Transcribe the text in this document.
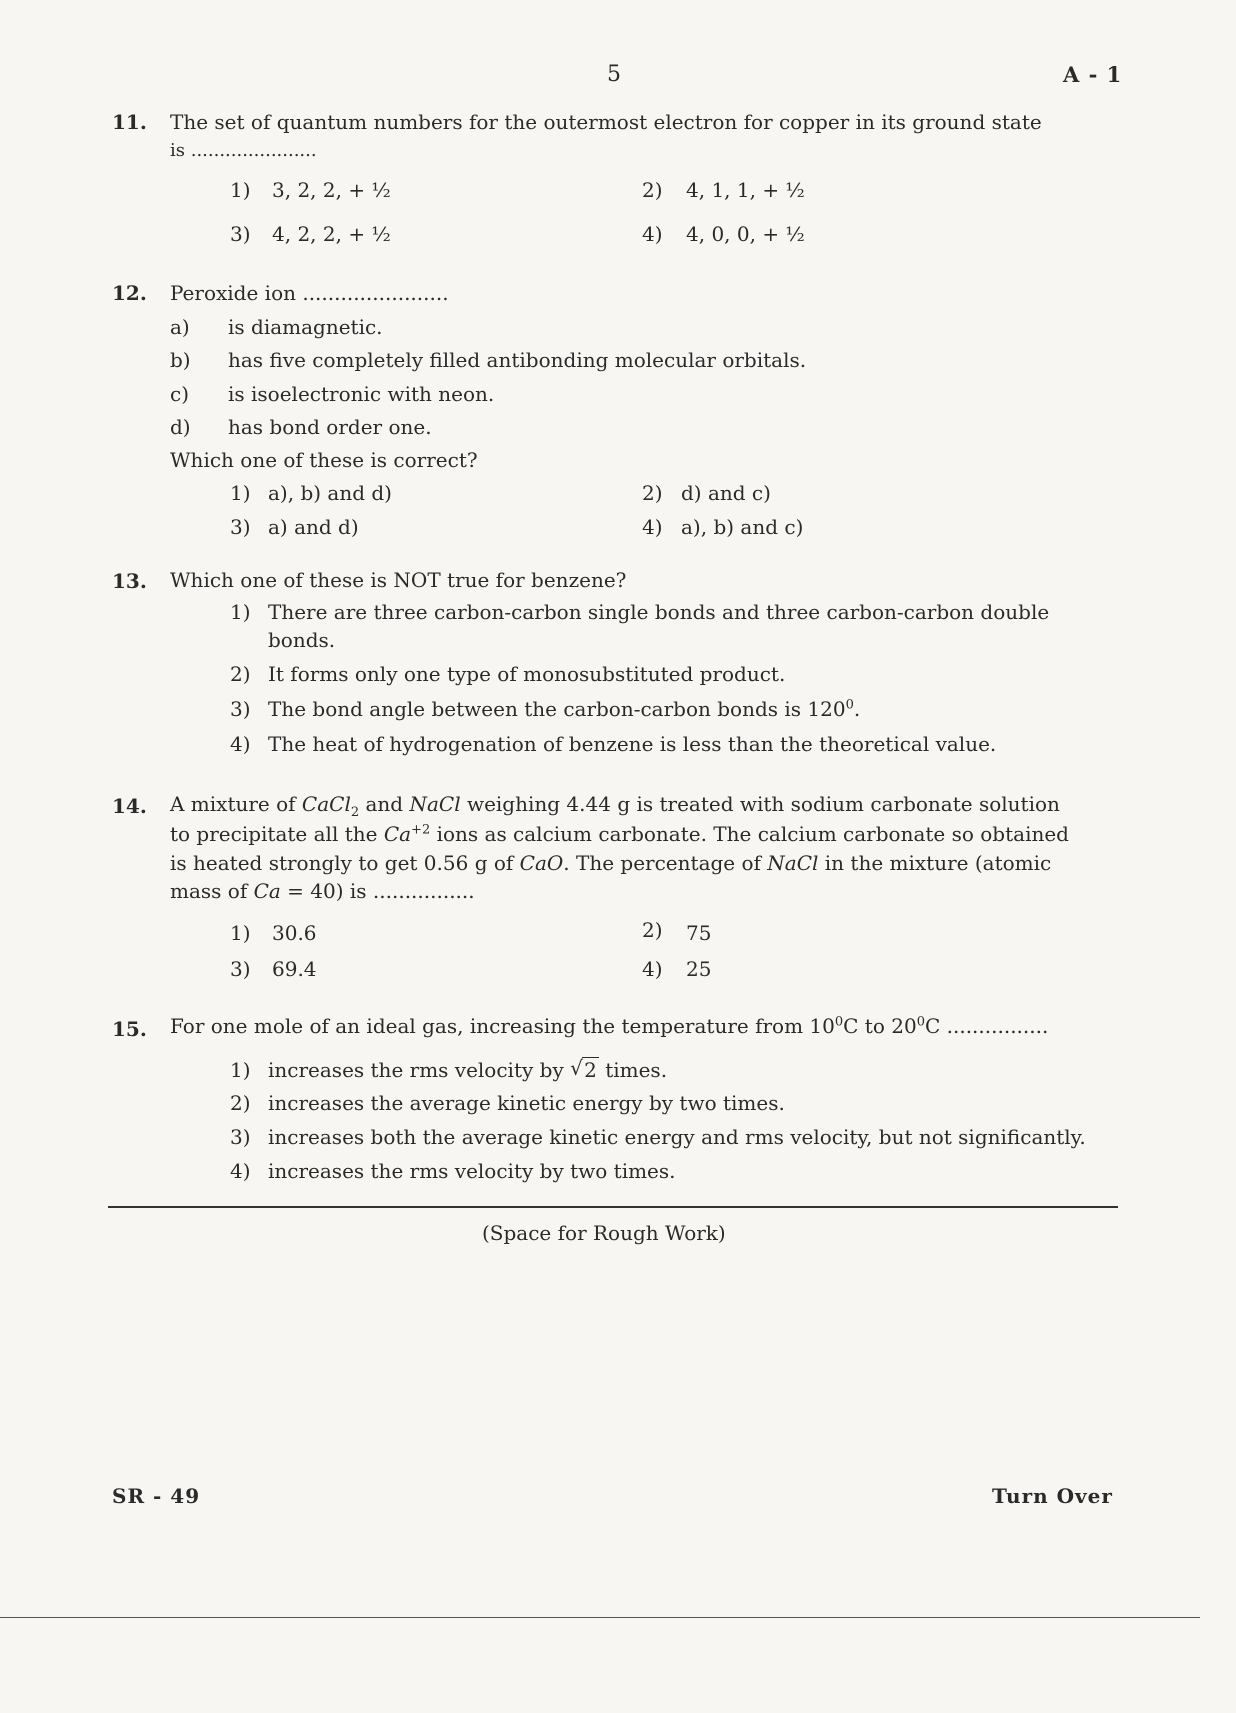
5	A - 1
11. The set of quantum numbers for the outermost electron for copper in its ground state
is ......................
1) 3, 2, 2, + ½	2) 4, 1, 1, + ½
3) 4, 2, 2, + ½	4) 4, 0, 0, + ½
12. Peroxide ion .......................
a) is diamagnetic.
b) has five completely filled antibonding molecular orbitals.
c) is isoelectronic with neon.
d) has bond order one.
Which one of these is correct?
1) a), b) and d)	2) d) and c)
3) a) and d)	4) a), b) and c)
13. Which one of these is NOT true for benzene?
1) There are three carbon-carbon single bonds and three carbon-carbon double
bonds.
2) It forms only one type of monosubstituted product.
3) The bond angle between the carbon-carbon bonds is $120^0$.
4) The heat of hydrogenation of benzene is less than the theoretical value.
14. A mixture of CaCl$_2$ and NaCl weighing 4.44 g is treated with sodium carbonate solution
to precipitate all the $Ca^{+2}$ ions as calcium carbonate. The calcium carbonate so obtained
is heated strongly to get 0.56 g of CaO. The percentage of NaCl in the mixture (atomic
mass of Ca = 40) is ................
1) 30.6	2) 75
3) 69.4	4) 25
15. For one mole of an ideal gas, increasing the temperature from $10^0C$ to $20^0C$ ................
1) increases the rms velocity by √ 2 times.
2) increases the average kinetic energy by two times.
3) increases both the average kinetic energy and rms velocity, but not significantly.
4) increases the rms velocity by two times.
(Space for Rough Work)
SR - 49	Turn Over
